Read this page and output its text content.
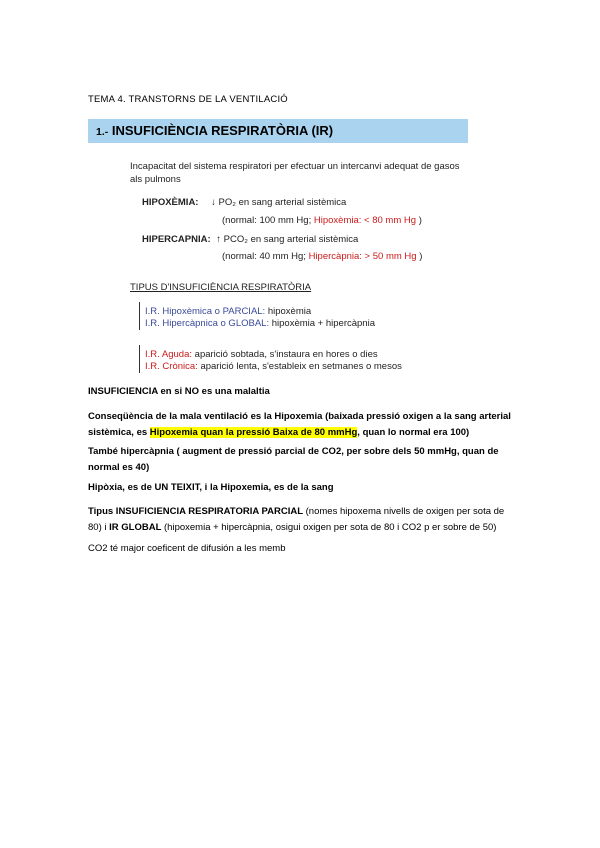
TEMA 4. TRANSTORNS DE LA VENTILACIÓ
1.- INSUFICIÈNCIA RESPIRATÒRIA (IR)
Incapacitat del sistema respiratori per efectuar un intercanvi adequat de gasos
als pulmons
HIPOXÈMIA: ↓ PO₂ en sang arterial sistèmica
(normal: 100 mm Hg; Hipoxèmia: < 80 mm Hg )
HIPERCAPNIA: ↑ PCO₂ en sang arterial sistèmica
(normal: 40 mm Hg; Hipercàpnia: > 50 mm Hg )
TIPUS D'INSUFICIÈNCIA RESPIRATÒRIA
I.R. Hipoxèmica o PARCIAL: hipoxèmia
I.R. Hipercàpnica o GLOBAL: hipoxèmia + hipercàpnia
I.R. Aguda: aparició sobtada, s'instaura en hores o dies
I.R. Crònica: aparició lenta, s'estableix en setmanes o mesos
INSUFICIENCIA en si NO es una malaltia
Conseqüència de la mala ventilació es la Hipoxemia (baixada pressió oxigen a la sang arterial sistèmica, es Hipoxemia quan la pressió Baixa de 80 mmHg, quan lo normal era 100)
També hipercàpnia ( augment de pressió parcial de CO2, per sobre dels 50 mmHg, quan de normal es 40)
Hipòxia, es de UN TEIXIT, i la Hipoxemia, es de la sang
Tipus INSUFICIENCIA RESPIRATORIA PARCIAL (nomes hipoxema nivells de oxigen per sota de 80) i IR GLOBAL (hipoxemia + hipercàpnia, osigui oxigen per sota de 80 i CO2 p er sobre de 50)
CO2 té major coeficent de difusión a les memb
